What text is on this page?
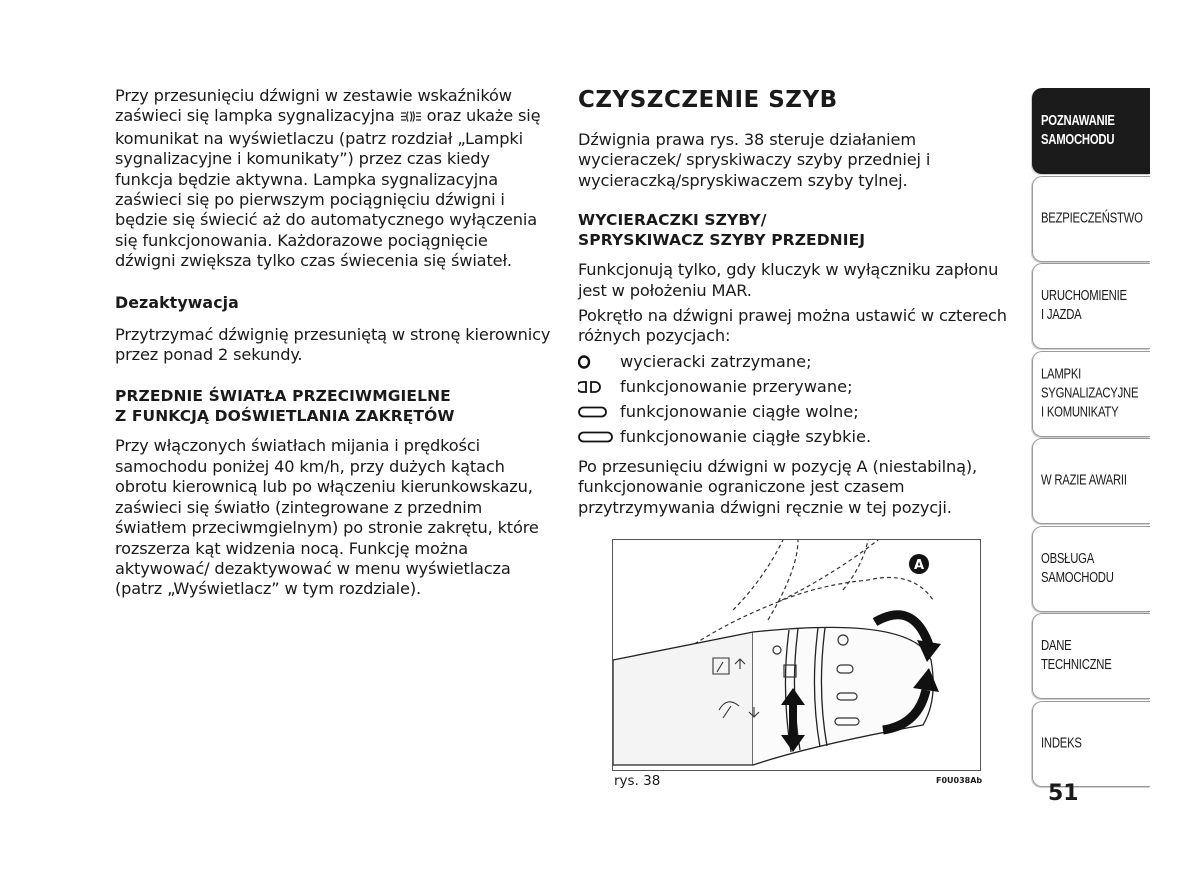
Przy przesunięciu dźwigni w zestawie wskaźników zaświeci się lampka sygnalizacyjna  oraz ukaże się komunikat na wyświetlaczu (patrz rozdział „Lampki sygnalizacyjne i komunikaty”) przez czas kiedy funkcja będzie aktywna. Lampka sygnalizacyjna zaświeci się po pierwszym pociągnięciu dźwigni i będzie się świecić aż do automatycznego wyłączenia się funkcjonowania. Każdorazowe pociągnięcie dźwigni zwiększa tylko czas świecenia się świateł.

Dezaktywacja

Przytrzymać dźwignię przesuniętą w stronę kierownicy przez ponad 2 sekundy.

PRZEDNIE ŚWIATŁA PRZECIWMGIELNE
Z FUNKCJĄ DOŚWIETLANIA ZAKRĘTÓW

Przy włączonych światłach mijania i prędkości samochodu poniżej 40 km/h, przy dużych kątach obrotu kierownicą lub po włączeniu kierunkowskazu, zaświeci się światło (zintegrowane z przednim światłem przeciwmgielnym) po stronie zakrętu, które rozszerza kąt widzenia nocą. Funkcję można aktywować/ dezaktywować w menu wyświetlacza (patrz „Wyświetlacz” w tym rozdziale).

CZYSZCZENIE SZYB

Dźwignia prawa rys. 38 steruje działaniem wycieraczek/ spryskiwaczy szyby przedniej i wycieraczką/spryskiwaczem szyby tylnej.

WYCIERACZKI SZYBY/
SPRYSKIWACZ SZYBY PRZEDNIEJ

Funkcjonują tylko, gdy kluczyk w wyłączniku zapłonu jest w położeniu MAR.

Pokrętło na dźwigni prawej można ustawić w czterech różnych pozycjach:

wycieracki zatrzymane;
funkcjonowanie przerywane;
funkcjonowanie ciągłe wolne;
funkcjonowanie ciągłe szybkie.

Po przesunięciu dźwigni w pozycję A (niestabilną), funkcjonowanie ograniczone jest czasem przytrzymywania dźwigni ręcznie w tej pozycji.

A
rys. 38	F0U038Ab
POZNAWANIE
SAMOCHODU
BEZPIECZEŃSTWO
URUCHOMIENIE
I JAZDA
LAMPKI
SYGNALIZACYJNE
I KOMUNIKATY
W RAZIE AWARII
OBSŁUGA
SAMOCHODU
DANE
TECHNICZNE
INDEKS
51
